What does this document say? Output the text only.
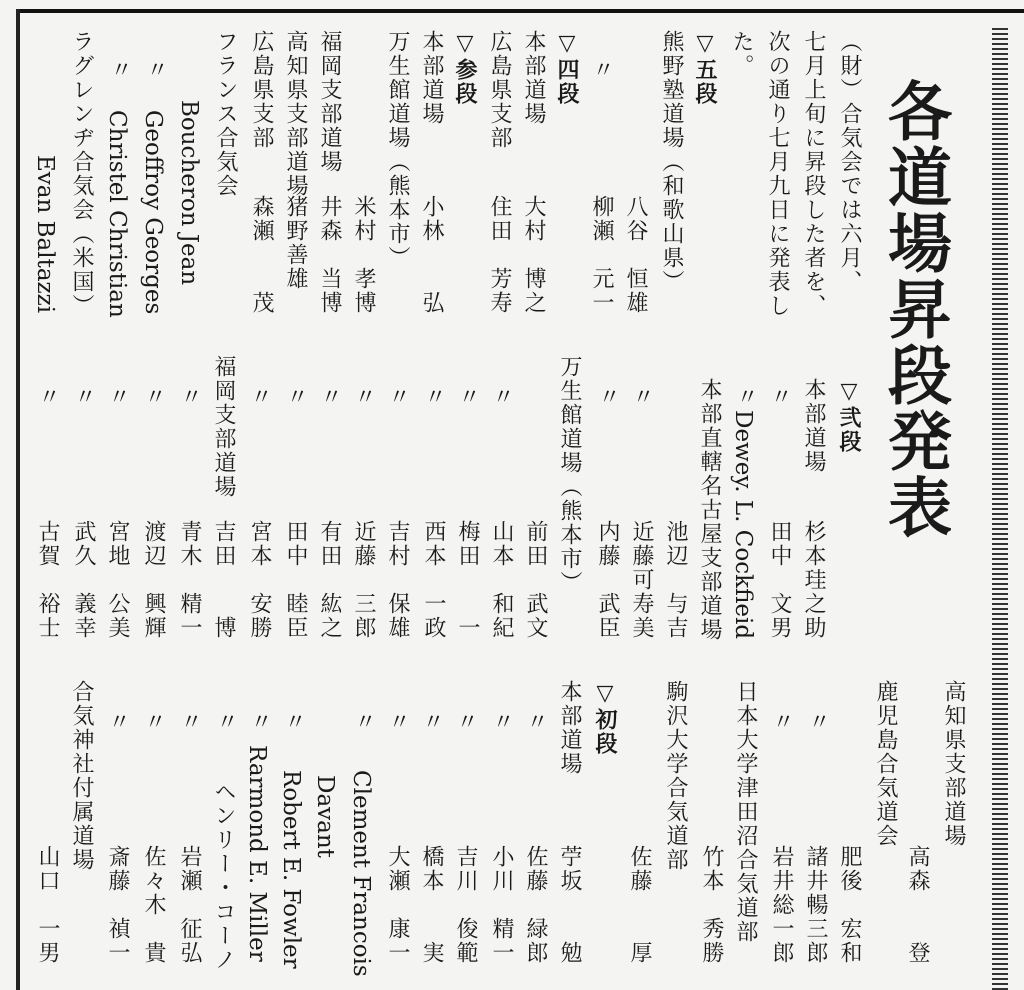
各道場昇段発表
（財）合気会では六月、
七月上旬に昇段した者を、
次の通り七月九日に発表し
た。
▽五段
熊野塾道場（和歌山県）
八谷　恒雄
〃
柳瀬　元一
▽四段
本部道場
大村　博之
広島県支部
住田　芳寿
▽参段
本部道場
小林　　弘
万生館道場（熊本市）
米村　孝博
福岡支部道場
井森　当博
高知県支部道場
猪野善雄
広島県支部
森瀬　　茂
フランス合気会
Boucheron Jean
〃
Geoffroy Georges
〃
Christel Christian
ラグレンヂ合気会（米国）
Evan Baltazzi
▽弐段
本部道場
杉本珪之助
〃
田中　文男
〃
Dewey. L. Cockfieid
本部直轄名古屋支部道場
池辺　与吉
〃
近藤可寿美
〃
内藤　武臣
万生館道場（熊本市）
前田　武文
〃
山本　和紀
〃
梅田　　一
〃
西本　一政
〃
吉村　保雄
〃
近藤　三郎
〃
有田　紘之
〃
田中　睦臣
〃
宮本　安勝
福岡支部道場
吉田　　博
〃
青木　精一
〃
渡辺　興輝
〃
宮地　公美
〃
武久　義幸
〃
古賀　裕士
高知県支部道場
高森　　登
鹿児島合気道会
肥後　宏和
〃
諸井暢三郎
〃
岩井総一郎
日本大学津田沼合気道部
竹本　秀勝
駒沢大学合気道部
佐藤　　厚
▽初段
本部道場
苧坂　　勉
〃
佐藤　緑郎
〃
小川　精一
〃
吉川　俊範
〃
橋本　　実
〃
大瀬　康一
〃
Clement Francois
Davant
〃
Robert E. Fowler
〃
Rarmond E. Miller
〃
ヘンリー・コーノ
〃
岩瀬　征弘
〃
佐々木　貴
〃
斎藤　禎一
合気神社付属道場
山口　一男
